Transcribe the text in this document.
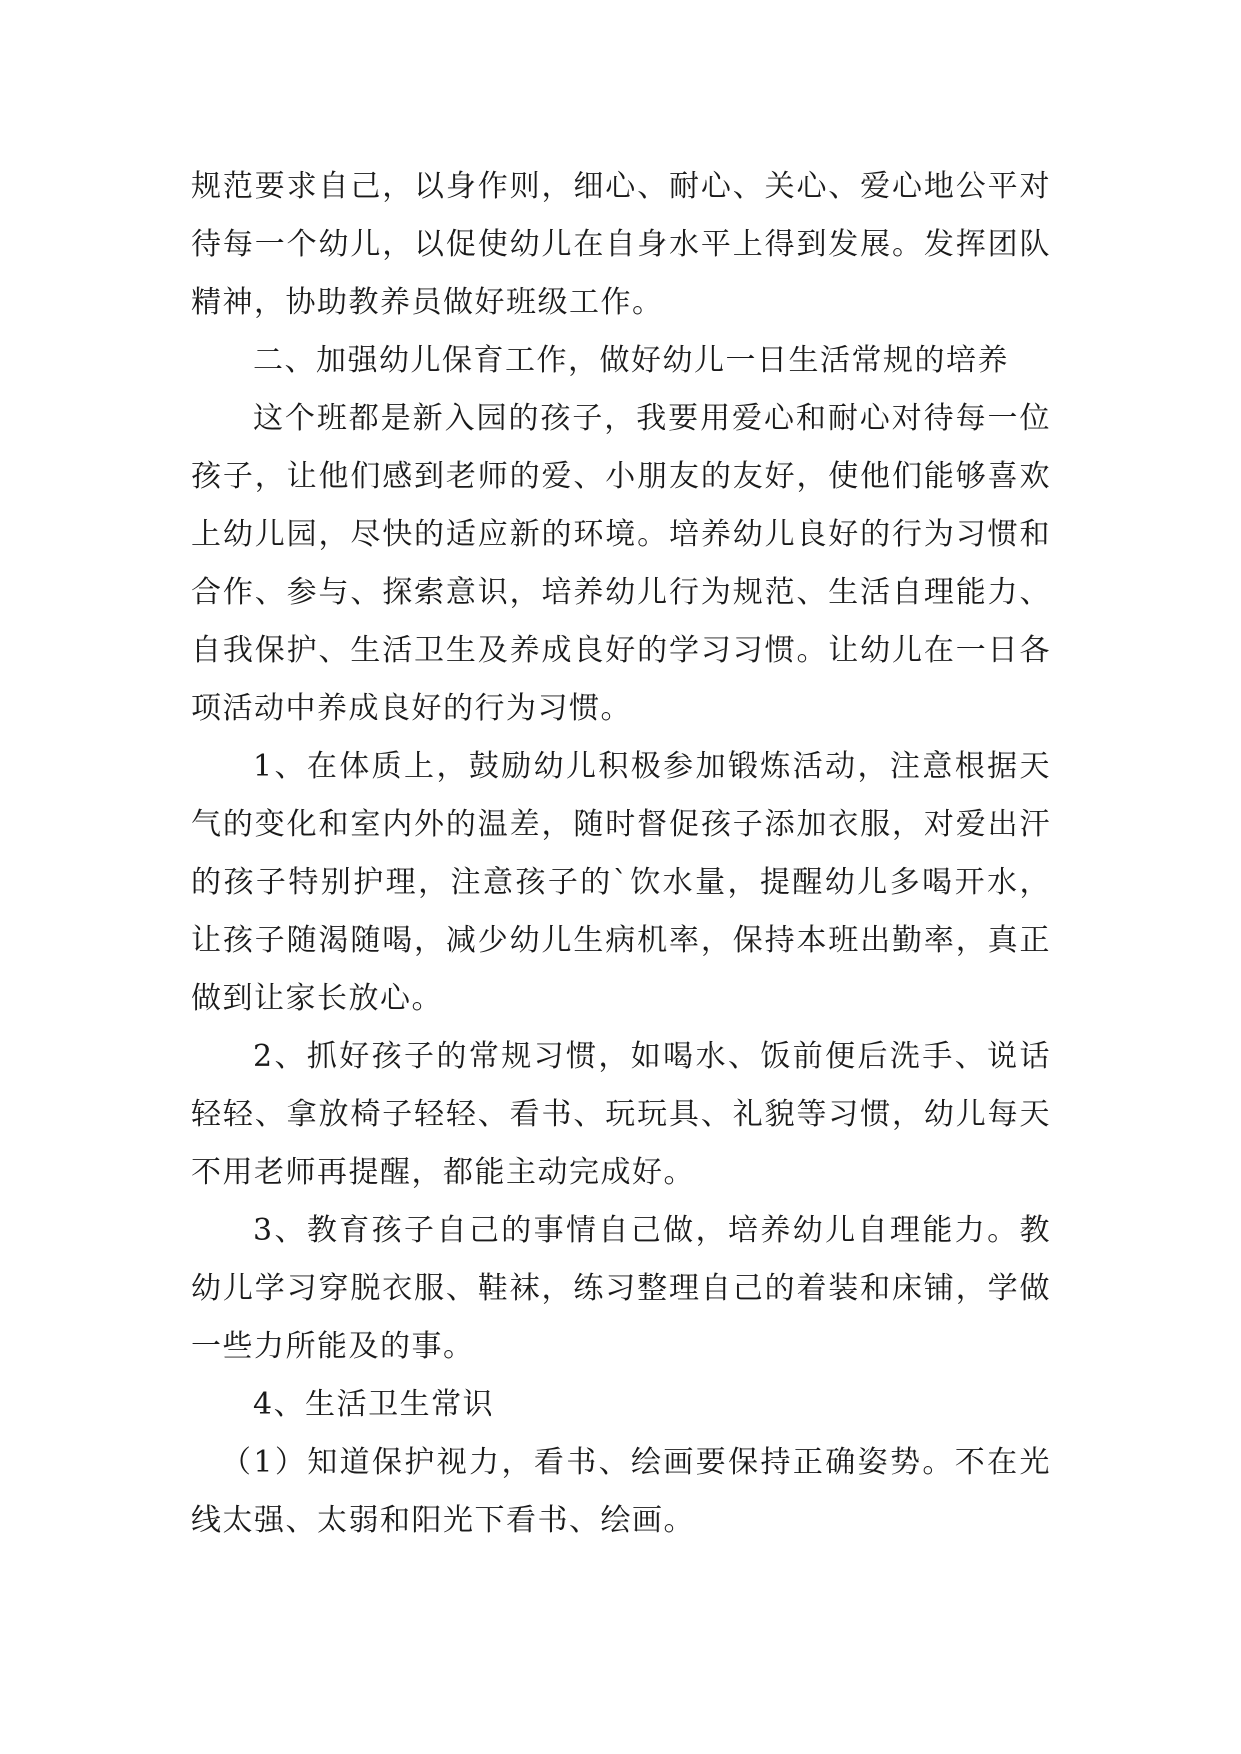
规范要求自己，以身作则，细心、耐心、关心、爱心地公平对待每一个幼儿，以促使幼儿在自身水平上得到发展。发挥团队精神，协助教养员做好班级工作。

二、加强幼儿保育工作，做好幼儿一日生活常规的培养

这个班都是新入园的孩子，我要用爱心和耐心对待每一位孩子，让他们感到老师的爱、小朋友的友好，使他们能够喜欢上幼儿园，尽快的适应新的环境。培养幼儿良好的行为习惯和合作、参与、探索意识，培养幼儿行为规范、生活自理能力、自我保护、生活卫生及养成良好的学习习惯。让幼儿在一日各项活动中养成良好的行为习惯。

1、在体质上，鼓励幼儿积极参加锻炼活动，注意根据天气的变化和室内外的温差，随时督促孩子添加衣服，对爱出汗的孩子特别护理，注意孩子的`饮水量，提醒幼儿多喝开水，让孩子随渴随喝，减少幼儿生病机率，保持本班出勤率，真正做到让家长放心。

2、抓好孩子的常规习惯，如喝水、饭前便后洗手、说话轻轻、拿放椅子轻轻、看书、玩玩具、礼貌等习惯，幼儿每天不用老师再提醒，都能主动完成好。

3、教育孩子自己的事情自己做，培养幼儿自理能力。教幼儿学习穿脱衣服、鞋袜，练习整理自己的着装和床铺，学做一些力所能及的事。

4、生活卫生常识

（1）知道保护视力，看书、绘画要保持正确姿势。不在光线太强、太弱和阳光下看书、绘画。
